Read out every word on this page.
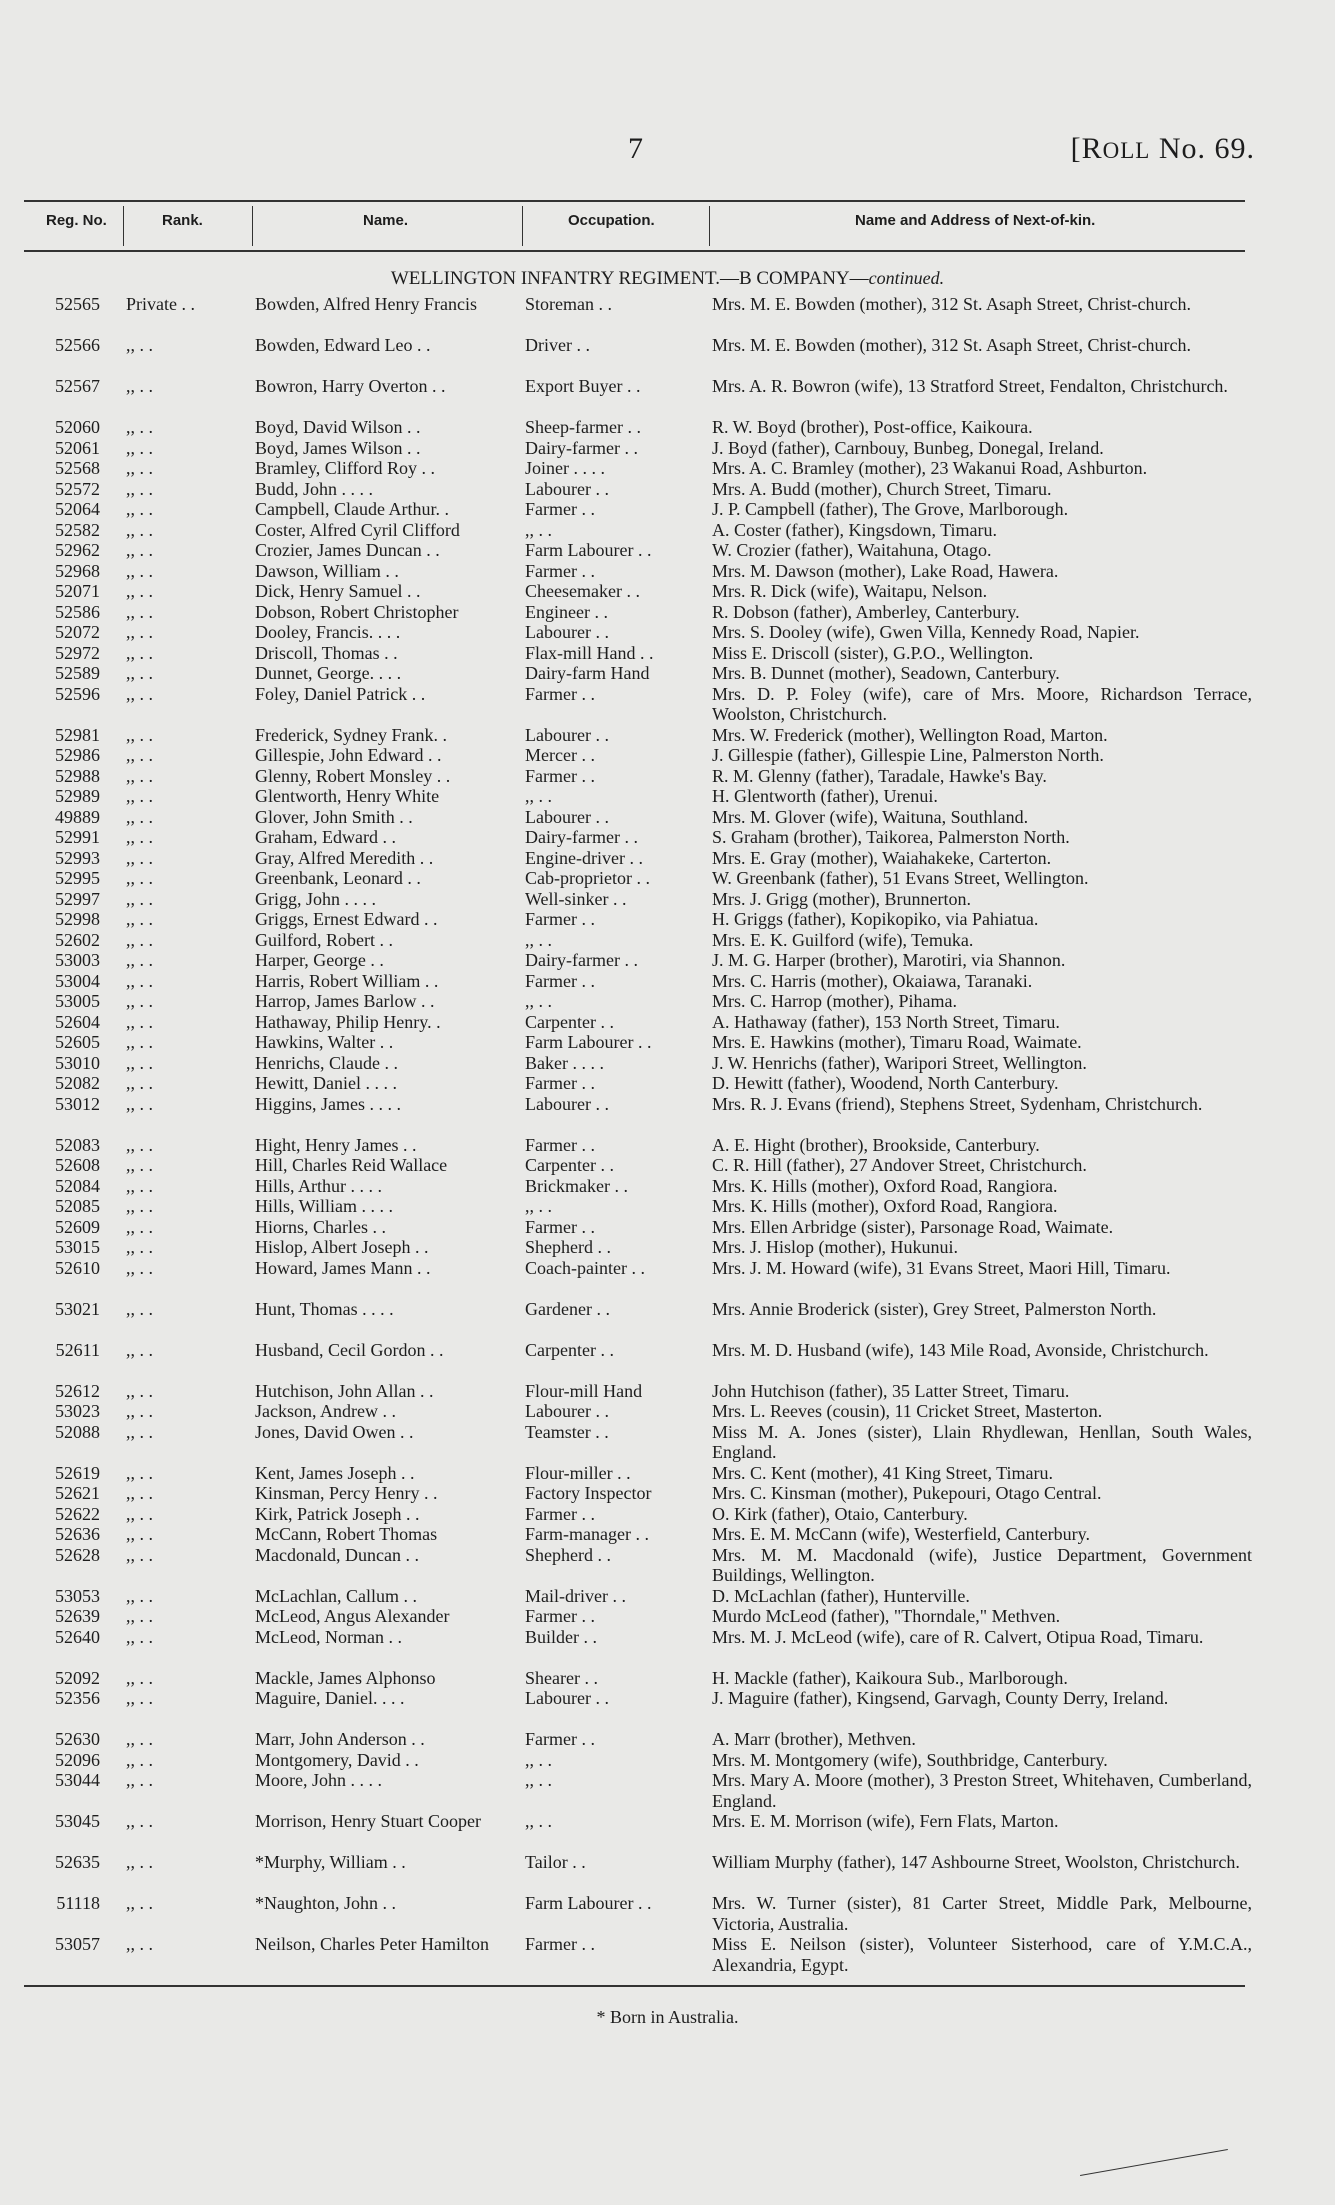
7	[ROLL No. 69.
Reg. No.	Rank.	Name.	Occupation.	Name and Address of Next-of-kin.
WELLINGTON INFANTRY REGIMENT.—B COMPANY—continued.
52565 Private . .	Bowden, Alfred Henry Francis	Storeman . .	Mrs. M. E. Bowden (mother), 312 St. Asaph Street, Christ-church.
52566 ,, . .	Bowden, Edward Leo . .	Driver . .	Mrs. M. E. Bowden (mother), 312 St. Asaph Street, Christ-church.
52567 ,, . .	Bowron, Harry Overton . .	Export Buyer . .	Mrs. A. R. Bowron (wife), 13 Stratford Street, Fendalton, Christchurch.
52060 ,, . .	Boyd, David Wilson . .	Sheep-farmer . .	R. W. Boyd (brother), Post-office, Kaikoura.
52061 ,, . .	Boyd, James Wilson . .	Dairy-farmer . .	J. Boyd (father), Carnbouy, Bunbeg, Donegal, Ireland.
52568 ,, . .	Bramley, Clifford Roy . .	Joiner . . . .	Mrs. A. C. Bramley (mother), 23 Wakanui Road, Ashburton.
52572 ,, . .	Budd, John . . . .	Labourer . .	Mrs. A. Budd (mother), Church Street, Timaru.
52064 ,, . .	Campbell, Claude Arthur. .	Farmer . .	J. P. Campbell (father), The Grove, Marlborough.
52582 ,, . .	Coster, Alfred Cyril Clifford	,, . .	A. Coster (father), Kingsdown, Timaru.
52962 ,, . .	Crozier, James Duncan . .	Farm Labourer . .	W. Crozier (father), Waitahuna, Otago.
52968 ,, . .	Dawson, William . .	Farmer . .	Mrs. M. Dawson (mother), Lake Road, Hawera.
52071 ,, . .	Dick, Henry Samuel . .	Cheesemaker . .	Mrs. R. Dick (wife), Waitapu, Nelson.
52586 ,, . .	Dobson, Robert Christopher	Engineer . .	R. Dobson (father), Amberley, Canterbury.
52072 ,, . .	Dooley, Francis. . . .	Labourer . .	Mrs. S. Dooley (wife), Gwen Villa, Kennedy Road, Napier.
52972 ,, . .	Driscoll, Thomas . .	Flax-mill Hand . .	Miss E. Driscoll (sister), G.P.O., Wellington.
52589 ,, . .	Dunnet, George. . . .	Dairy-farm Hand	Mrs. B. Dunnet (mother), Seadown, Canterbury.
52596 ,, . .	Foley, Daniel Patrick . .	Farmer . .	Mrs. D. P. Foley (wife), care of Mrs. Moore, Richardson Terrace, Woolston, Christchurch.
52981 ,, . .	Frederick, Sydney Frank. .	Labourer . .	Mrs. W. Frederick (mother), Wellington Road, Marton.
52986 ,, . .	Gillespie, John Edward . .	Mercer . .	J. Gillespie (father), Gillespie Line, Palmerston North.
52988 ,, . .	Glenny, Robert Monsley . .	Farmer . .	R. M. Glenny (father), Taradale, Hawke's Bay.
52989 ,, . .	Glentworth, Henry White	,, . .	H. Glentworth (father), Urenui.
49889 ,, . .	Glover, John Smith . .	Labourer . .	Mrs. M. Glover (wife), Waituna, Southland.
52991 ,, . .	Graham, Edward . .	Dairy-farmer . .	S. Graham (brother), Taikorea, Palmerston North.
52993 ,, . .	Gray, Alfred Meredith . .	Engine-driver . .	Mrs. E. Gray (mother), Waiahakeke, Carterton.
52995 ,, . .	Greenbank, Leonard . .	Cab-proprietor . .	W. Greenbank (father), 51 Evans Street, Wellington.
52997 ,, . .	Grigg, John . . . .	Well-sinker . .	Mrs. J. Grigg (mother), Brunnerton.
52998 ,, . .	Griggs, Ernest Edward . .	Farmer . .	H. Griggs (father), Kopikopiko, via Pahiatua.
52602 ,, . .	Guilford, Robert . .	,, . .	Mrs. E. K. Guilford (wife), Temuka.
53003 ,, . .	Harper, George . .	Dairy-farmer . .	J. M. G. Harper (brother), Marotiri, via Shannon.
53004 ,, . .	Harris, Robert William . .	Farmer . .	Mrs. C. Harris (mother), Okaiawa, Taranaki.
53005 ,, . .	Harrop, James Barlow . .	,, . .	Mrs. C. Harrop (mother), Pihama.
52604 ,, . .	Hathaway, Philip Henry. .	Carpenter . .	A. Hathaway (father), 153 North Street, Timaru.
52605 ,, . .	Hawkins, Walter . .	Farm Labourer . .	Mrs. E. Hawkins (mother), Timaru Road, Waimate.
53010 ,, . .	Henrichs, Claude . .	Baker . . . .	J. W. Henrichs (father), Waripori Street, Wellington.
52082 ,, . .	Hewitt, Daniel . . . .	Farmer . .	D. Hewitt (father), Woodend, North Canterbury.
53012 ,, . .	Higgins, James . . . .	Labourer . .	Mrs. R. J. Evans (friend), Stephens Street, Sydenham, Christchurch.
52083 ,, . .	Hight, Henry James . .	Farmer . .	A. E. Hight (brother), Brookside, Canterbury.
52608 ,, . .	Hill, Charles Reid Wallace	Carpenter . .	C. R. Hill (father), 27 Andover Street, Christchurch.
52084 ,, . .	Hills, Arthur . . . .	Brickmaker . .	Mrs. K. Hills (mother), Oxford Road, Rangiora.
52085 ,, . .	Hills, William . . . .	,, . .	Mrs. K. Hills (mother), Oxford Road, Rangiora.
52609 ,, . .	Hiorns, Charles . .	Farmer . .	Mrs. Ellen Arbridge (sister), Parsonage Road, Waimate.
53015 ,, . .	Hislop, Albert Joseph . .	Shepherd . .	Mrs. J. Hislop (mother), Hukunui.
52610 ,, . .	Howard, James Mann . .	Coach-painter . .	Mrs. J. M. Howard (wife), 31 Evans Street, Maori Hill, Timaru.
53021 ,, . .	Hunt, Thomas . . . .	Gardener . .	Mrs. Annie Broderick (sister), Grey Street, Palmerston North.
52611 ,, . .	Husband, Cecil Gordon . .	Carpenter . .	Mrs. M. D. Husband (wife), 143 Mile Road, Avonside, Christchurch.
52612 ,, . .	Hutchison, John Allan . .	Flour-mill Hand	John Hutchison (father), 35 Latter Street, Timaru.
53023 ,, . .	Jackson, Andrew . .	Labourer . .	Mrs. L. Reeves (cousin), 11 Cricket Street, Masterton.
52088 ,, . .	Jones, David Owen . .	Teamster . .	Miss M. A. Jones (sister), Llain Rhydlewan, Henllan, South Wales, England.
52619 ,, . .	Kent, James Joseph . .	Flour-miller . .	Mrs. C. Kent (mother), 41 King Street, Timaru.
52621 ,, . .	Kinsman, Percy Henry . .	Factory Inspector	Mrs. C. Kinsman (mother), Pukepouri, Otago Central.
52622 ,, . .	Kirk, Patrick Joseph . .	Farmer . .	O. Kirk (father), Otaio, Canterbury.
52636 ,, . .	McCann, Robert Thomas	Farm-manager . .	Mrs. E. M. McCann (wife), Westerfield, Canterbury.
52628 ,, . .	Macdonald, Duncan . .	Shepherd . .	Mrs. M. M. Macdonald (wife), Justice Department, Government Buildings, Wellington.
53053 ,, . .	McLachlan, Callum . .	Mail-driver . .	D. McLachlan (father), Hunterville.
52639 ,, . .	McLeod, Angus Alexander	Farmer . .	Murdo McLeod (father), "Thorndale," Methven.
52640 ,, . .	McLeod, Norman . .	Builder . .	Mrs. M. J. McLeod (wife), care of R. Calvert, Otipua Road, Timaru.
52092 ,, . .	Mackle, James Alphonso	Shearer . .	H. Mackle (father), Kaikoura Sub., Marlborough.
52356 ,, . .	Maguire, Daniel. . . .	Labourer . .	J. Maguire (father), Kingsend, Garvagh, County Derry, Ireland.
52630 ,, . .	Marr, John Anderson . .	Farmer . .	A. Marr (brother), Methven.
52096 ,, . .	Montgomery, David . .	,, . .	Mrs. M. Montgomery (wife), Southbridge, Canterbury.
53044 ,, . .	Moore, John . . . .	,, . .	Mrs. Mary A. Moore (mother), 3 Preston Street, Whitehaven, Cumberland, England.
53045 ,, . .	Morrison, Henry Stuart Cooper	,, . .	Mrs. E. M. Morrison (wife), Fern Flats, Marton.
52635 ,, . .	*Murphy, William . .	Tailor . .	William Murphy (father), 147 Ashbourne Street, Woolston, Christchurch.
51118 ,, . .	*Naughton, John . .	Farm Labourer . .	Mrs. W. Turner (sister), 81 Carter Street, Middle Park, Melbourne, Victoria, Australia.
53057 ,, . .	Neilson, Charles Peter Hamilton	Farmer . .	Miss E. Neilson (sister), Volunteer Sisterhood, care of Y.M.C.A., Alexandria, Egypt.
* Born in Australia.
